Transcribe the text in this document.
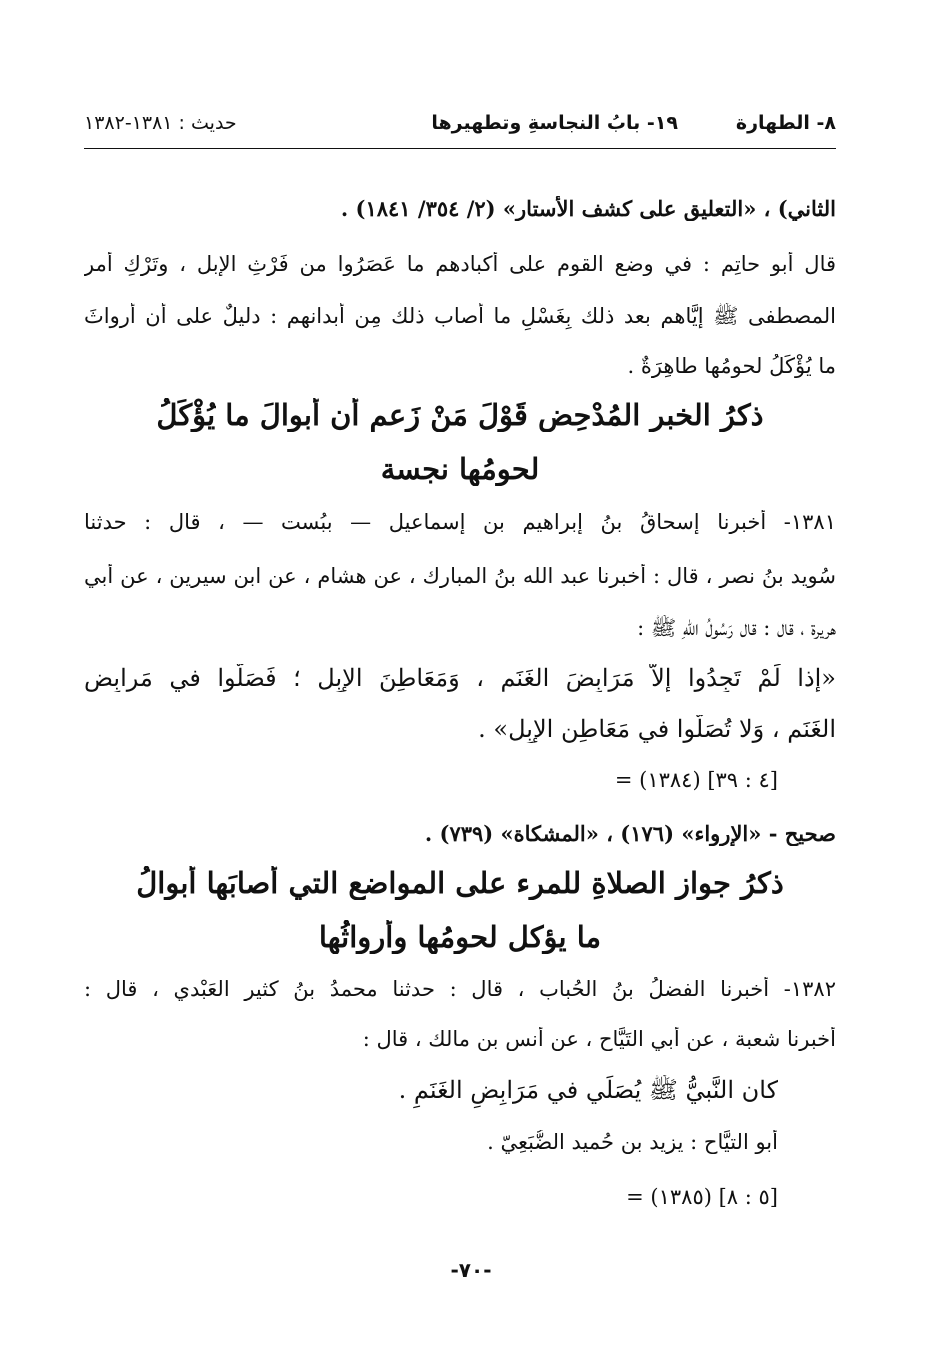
٨- الطهارة
١٩- بابُ النجاسةِ وتطهيرها
حديث : ١٣٨١-١٣٨٢
الثاني) ، «التعليق على كشف الأستار» (٢/ ٣٥٤/ ١٨٤١) .
قال أبو حاتِم : في وضع القوم على أكبادهم ما عَصَرُوا من فَرْثِ الإبل ، وتَرْكِ أمرِ
المصطفى ﷺ إيَّاهم بعد ذلك بِغَسْلِ ما أصاب ذلك مِن أبدانهم : دليلٌ على أن أرواثَ
ما يُؤْكَلُ لحومُها طاهِرَةٌ .
ذكرُ الخبرِ المُدْحِضِ قَوْلَ مَنْ زَعم أن أبوالَ ما يُؤْكَلُ
لحومُها نجسة
١٣٨١- أخبرنا إسحاقُ بنُ إبراهيم بن إسماعيل — ببُست — ، قال : حدثنا
سُويد بنُ نصر ، قال : أخبرنا عبد الله بنُ المبارك ، عن هشامٍ ، عن ابنِ سيرين ، عن أبي
هريرة ، قال : قال رَسُولُ اللهِ ﷺ :
«إذا لَمْ تَجِدُوا إلاَّ مَرَابِضَ الغَنَمِ ، وَمَعَاطِنَ الإِبِلِ ؛ فَصَلُّوا في مَرابِضِ
الغَنَمِ ، وَلا تُصَلُّوا في مَعَاطِنِ الإِبِلِ» .
= (١٣٨٤) [٤ : ٣٩]
صحيح - «الإرواء» (١٧٦) ، «المشكاة» (٧٣٩) .
ذكرُ جوازِ الصلاةِ للمرء على المواضع التي أصابَها أبوالُ
ما يؤكل لحومُها وأرواثُها
١٣٨٢- أخبرنا الفضلُ بنُ الحُباب ، قال : حدثنا محمدُ بنُ كثيرٍ العَبْدي ، قال :
أخبرنا شعبة ، عن أبي التَيَّاح ، عن أنس بن مالك ، قال :
كان النَّبيُّ ﷺ يُصَلِّي في مَرَابِضِ الغَنَمِ .
أبو التيَّاح : يزيد بن حُميد الضُّبَعِيّ .
= (١٣٨٥) [٥ : ٨]
-٧٠-
